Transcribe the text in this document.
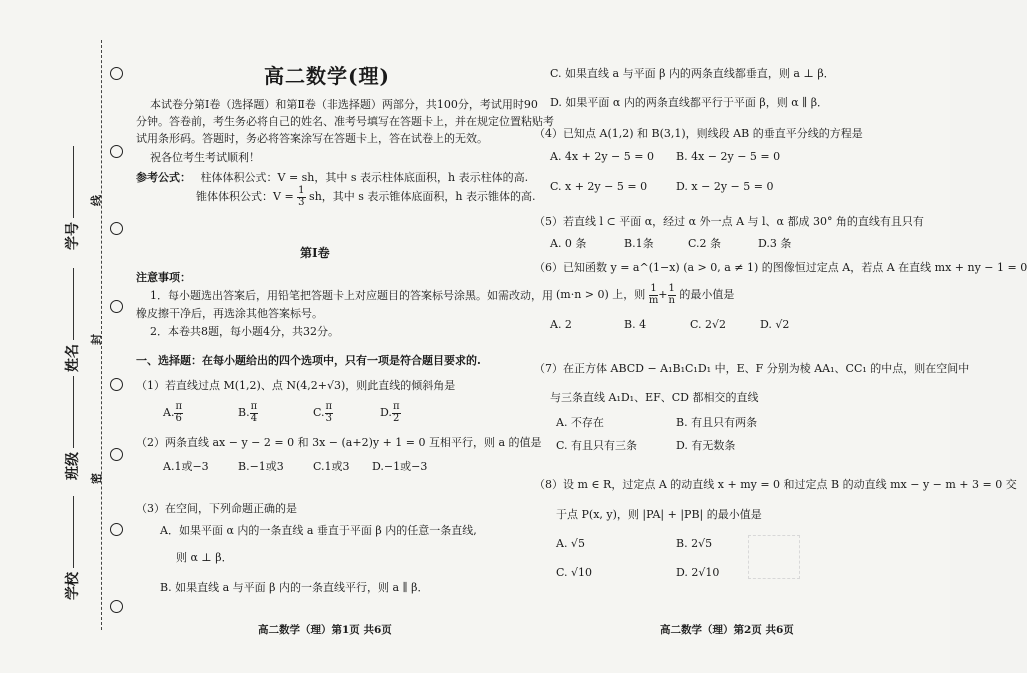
学号
姓名
班级
学校
线
封
密
高二数学(理)
本试卷分第Ⅰ卷（选择题）和第Ⅱ卷（非选择题）两部分，共100分，考试用时90
分钟。答卷前，考生务必将自己的姓名、准考号填写在答题卡上，并在规定位置粘贴考
试用条形码。答题时，务必将答案涂写在答题卡上，答在试卷上的无效。
祝各位考生考试顺利！
参考公式： 柱体体积公式：V = sh，其中 s 表示柱体底面积，h 表示柱体的高.
锥体体积公式：$V = \frac{1}{3}$ sh，其中 s 表示锥体底面积，h 表示锥体的高.
第Ⅰ卷
注意事项：
1．每小题选出答案后，用铅笔把答题卡上对应题目的答案标号涂黑。如需改动，用
橡皮擦干净后，再选涂其他答案标号。
2．本卷共8题，每小题4分，共32分。
一、选择题：在每小题给出的四个选项中，只有一项是符合题目要求的.
（1）若直线过点 M(1,2)、点 N(4,2+√3)，则此直线的倾斜角是
A. $\frac{\pi}{6}$	B. $\frac{\pi}{4}$	C. $\frac{\pi}{3}$	D. $\frac{\pi}{2}$
（2）两条直线 ax − y − 2 = 0 和 3x − (a+2)y + 1 = 0 互相平行，则 a 的值是
A.1或−3	B.−1或3	C.1或3 D.−1或−3
（3）在空间，下列命题正确的是
A．如果平面 α 内的一条直线 a 垂直于平面 β 内的任意一条直线,
则 α ⊥ β．
B. 如果直线 a 与平面 β 内的一条直线平行，则 a ∥ β．
高二数学（理）第1页 共6页
C. 如果直线 a 与平面 β 内的两条直线都垂直，则 a ⊥ β．
D. 如果平面 α 内的两条直线都平行于平面 β，则 α ∥ β．
（4）已知点 A(1,2) 和 B(3,1)，则线段 AB 的垂直平分线的方程是
A. 4x + 2y − 5 = 0 B. 4x − 2y − 5 = 0
C. x + 2y − 5 = 0	D. x − 2y − 5 = 0
（5）若直线 l ⊂ 平面 α，经过 α 外一点 A 与 l、α 都成 30° 角的直线有且只有
A. 0 条	B.1条	C.2 条	D.3 条
（6）已知函数 y = a^(1−x) (a > 0, a ≠ 1) 的图像恒过定点 A，若点 A 在直线 mx + ny − 1 = 0
(m·n > 0) 上，则 $\frac{1}{m} + \frac{1}{n}$ 的最小值是
A. 2	B. 4	C. 2√2	D. √2
（7）在正方体 ABCD − A₁B₁C₁D₁ 中，E、F 分别为棱 AA₁、CC₁ 的中点，则在空间中
与三条直线 A₁D₁、EF、CD 都相交的直线
A. 不存在	B. 有且只有两条
C. 有且只有三条	D. 有无数条
（8）设 m ∈ R，过定点 A 的动直线 x + my = 0 和过定点 B 的动直线 mx − y − m + 3 = 0 交
于点 P(x, y)，则 |PA| + |PB| 的最小值是
A. √5	B. 2√5
C. √10	D. 2√10
高二数学（理）第2页 共6页
